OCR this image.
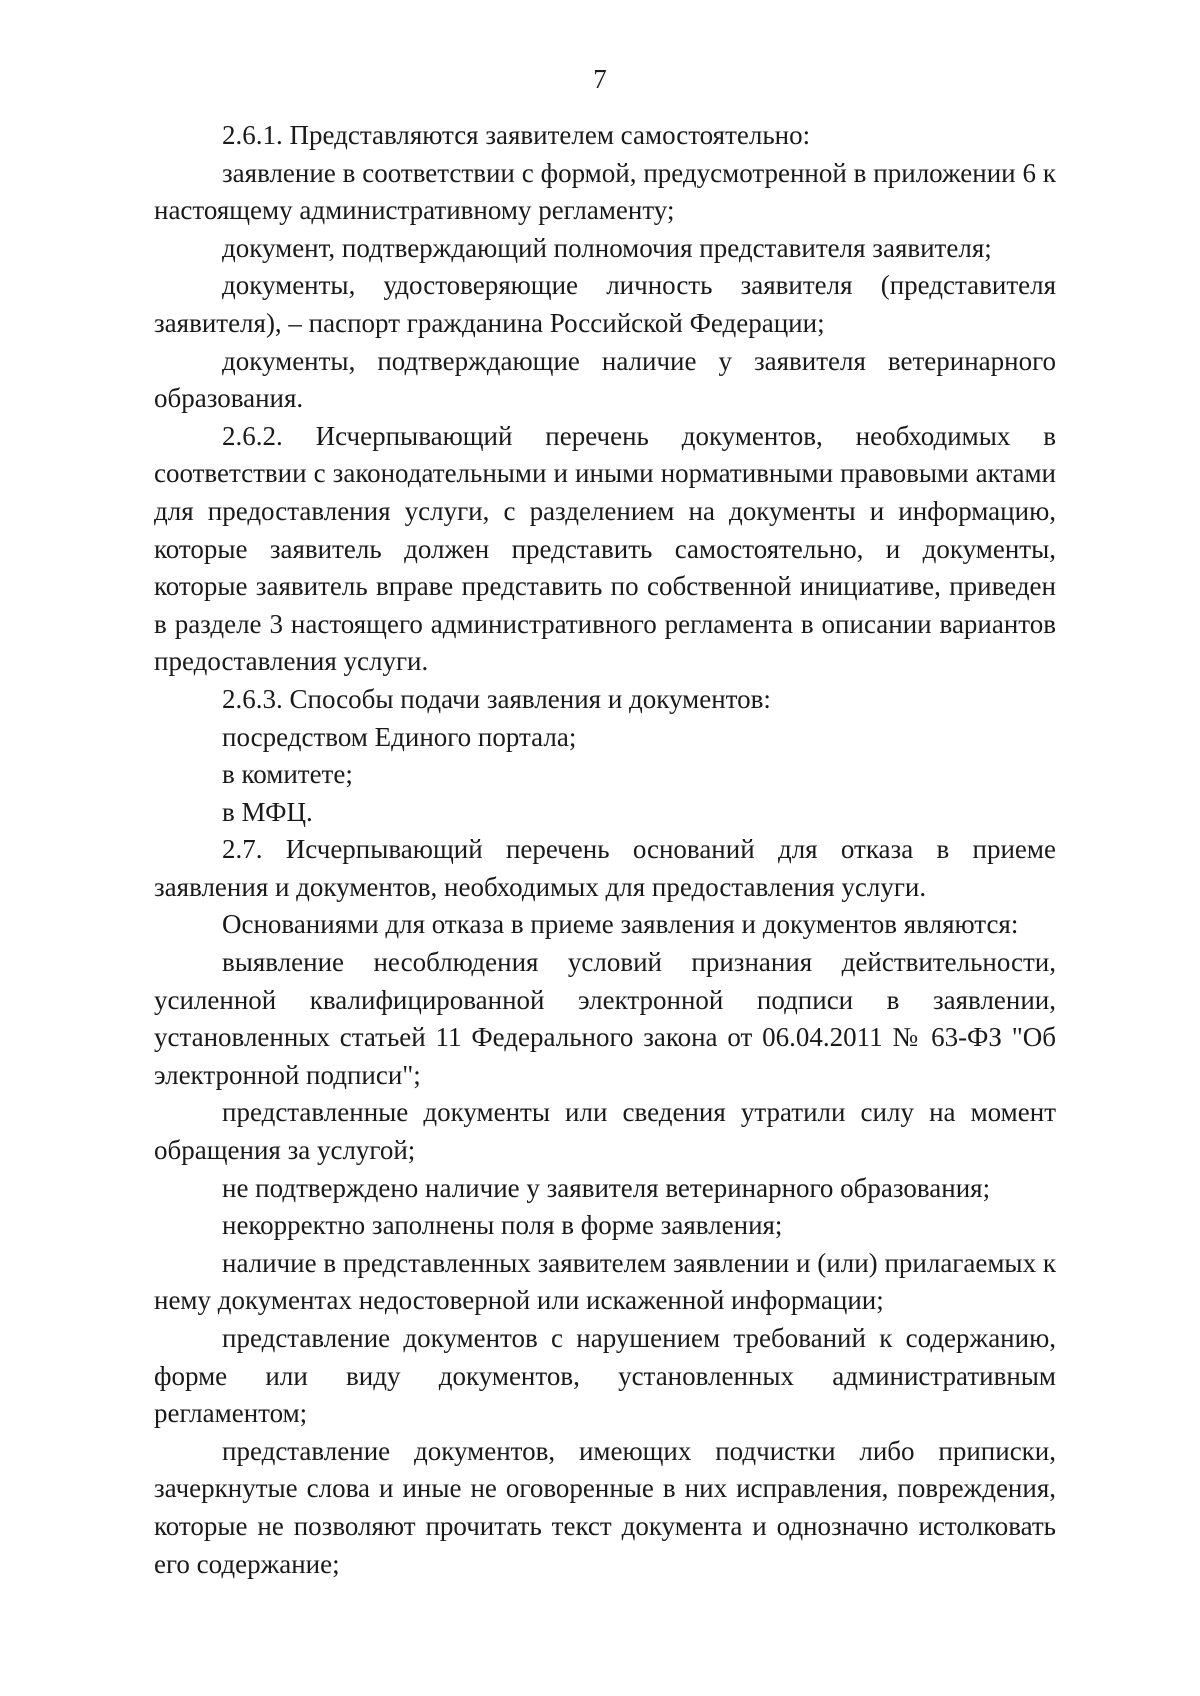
7

2.6.1. Представляются заявителем самостоятельно:

заявление в соответствии с формой, предусмотренной в приложении 6 к настоящему административному регламенту;

документ, подтверждающий полномочия представителя заявителя;

документы, удостоверяющие личность заявителя (представителя заявителя), – паспорт гражданина Российской Федерации;

документы, подтверждающие наличие у заявителя ветеринарного образования.

2.6.2. Исчерпывающий перечень документов, необходимых в соответствии с законодательными и иными нормативными правовыми актами для предоставления услуги, с разделением на документы и информацию, которые заявитель должен представить самостоятельно, и документы, которые заявитель вправе представить по собственной инициативе, приведен в разделе 3 настоящего административного регламента в описании вариантов предоставления услуги.

2.6.3. Способы подачи заявления и документов:

посредством Единого портала;

в комитете;

в МФЦ.

2.7. Исчерпывающий перечень оснований для отказа в приеме заявления и документов, необходимых для предоставления услуги.

Основаниями для отказа в приеме заявления и документов являются:

выявление несоблюдения условий признания действительности, усиленной квалифицированной электронной подписи в заявлении, установленных статьей 11 Федерального закона от 06.04.2011 № 63-ФЗ "Об электронной подписи";

представленные документы или сведения утратили силу на момент обращения за услугой;

не подтверждено наличие у заявителя ветеринарного образования;

некорректно заполнены поля в форме заявления;

наличие в представленных заявителем заявлении и (или) прилагаемых к нему документах недостоверной или искаженной информации;

представление документов с нарушением требований к содержанию, форме или виду документов, установленных административным регламентом;

представление документов, имеющих подчистки либо приписки, зачеркнутые слова и иные не оговоренные в них исправления, повреждения, которые не позволяют прочитать текст документа и однозначно истолковать его содержание;
